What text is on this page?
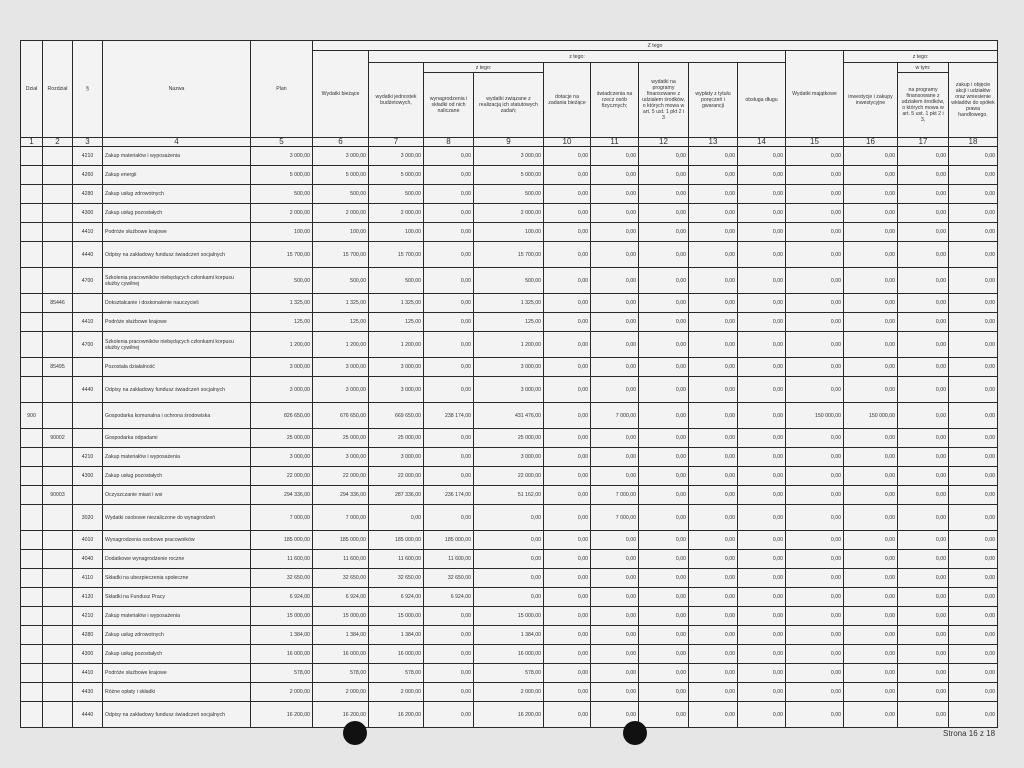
Dział	Rozdział	§	Nazwa	Plan	Z tego												
					Wydatki bieżące	z tego:								Wydatki majątkowe	z tego:		
						wydatki jednostek budżetowych,	z tego:		dotacje na zadania bieżące	świadczenia na rzecz osób fizycznych;	wydatki na programy finansowane z udziałem środków, o których mowa w art. 5 ust. 1 pkt 2 i 3	wypłaty z tytułu poręczeń i gwarancji	obsługa długu		inwestycje i zakupy inwestycyjne	w tym:	zakup i objęcie akcji i udziałów oraz wniesienie wkładów do spółek prawa handlowego.
							wynagrodzenia i składki od nich naliczane	wydatki związane z realizacją ich statutowych zadań;								na programy finansowane z udziałem środków, o których mowa w art. 5 ust. 1 pkt 2 i 3,	
1	2	3	4	5	6	7	8	9	10	11	12	13	14	15	16	17	18
		4210	Zakup materiałów i wyposażenia	3 000,00	3 000,00	3 000,00	0,00	3 000,00	0,00	0,00	0,00	0,00	0,00	0,00	0,00	0,00	0,00
		4260	Zakup energii	5 000,00	5 000,00	5 000,00	0,00	5 000,00	0,00	0,00	0,00	0,00	0,00	0,00	0,00	0,00	0,00
		4280	Zakup usług zdrowotnych	500,00	500,00	500,00	0,00	500,00	0,00	0,00	0,00	0,00	0,00	0,00	0,00	0,00	0,00
		4300	Zakup usług pozostałych	2 000,00	2 000,00	2 000,00	0,00	2 000,00	0,00	0,00	0,00	0,00	0,00	0,00	0,00	0,00	0,00
		4410	Podróże służbowe krajowe	100,00	100,00	100,00	0,00	100,00	0,00	0,00	0,00	0,00	0,00	0,00	0,00	0,00	0,00
		4440	Odpisy na zakładowy fundusz świadczeń socjalnych	15 700,00	15 700,00	15 700,00	0,00	15 700,00	0,00	0,00	0,00	0,00	0,00	0,00	0,00	0,00	0,00
		4700	Szkolenia pracowników niebędących członkami korpusu służby cywilnej	500,00	500,00	500,00	0,00	500,00	0,00	0,00	0,00	0,00	0,00	0,00	0,00	0,00	0,00
	85446		Dokształcanie i doskonalenie nauczycieli	1 325,00	1 325,00	1 325,00	0,00	1 325,00	0,00	0,00	0,00	0,00	0,00	0,00	0,00	0,00	0,00
		4410	Podróże służbowe krajowe	125,00	125,00	125,00	0,00	125,00	0,00	0,00	0,00	0,00	0,00	0,00	0,00	0,00	0,00
		4700	Szkolenia pracowników niebędących członkami korpusu służby cywilnej	1 200,00	1 200,00	1 200,00	0,00	1 200,00	0,00	0,00	0,00	0,00	0,00	0,00	0,00	0,00	0,00
	85495		Pozostała działalność	3 000,00	3 000,00	3 000,00	0,00	3 000,00	0,00	0,00	0,00	0,00	0,00	0,00	0,00	0,00	0,00
		4440	Odpisy na zakładowy fundusz świadczeń socjalnych	3 000,00	3 000,00	3 000,00	0,00	3 000,00	0,00	0,00	0,00	0,00	0,00	0,00	0,00	0,00	0,00
900			Gospodarka komunalna i ochrona środowiska	826 650,00	676 650,00	669 650,00	238 174,00	431 476,00	0,00	7 000,00	0,00	0,00	0,00	150 000,00	150 000,00	0,00	0,00
	90002		Gospodarka odpadami	25 000,00	25 000,00	25 000,00	0,00	25 000,00	0,00	0,00	0,00	0,00	0,00	0,00	0,00	0,00	0,00
		4210	Zakup materiałów i wyposażenia	3 000,00	3 000,00	3 000,00	0,00	3 000,00	0,00	0,00	0,00	0,00	0,00	0,00	0,00	0,00	0,00
		4300	Zakup usług pozostałych	22 000,00	22 000,00	22 000,00	0,00	22 000,00	0,00	0,00	0,00	0,00	0,00	0,00	0,00	0,00	0,00
	90003		Oczyszczanie miast i wsi	294 336,00	294 336,00	287 336,00	236 174,00	51 162,00	0,00	7 000,00	0,00	0,00	0,00	0,00	0,00	0,00	0,00
		3020	Wydatki osobowe niezaliczone do wynagrodzeń	7 000,00	7 000,00	0,00	0,00	0,00	0,00	7 000,00	0,00	0,00	0,00	0,00	0,00	0,00	0,00
		4010	Wynagrodzenia osobowe pracowników	185 000,00	185 000,00	185 000,00	185 000,00	0,00	0,00	0,00	0,00	0,00	0,00	0,00	0,00	0,00	0,00
		4040	Dodatkowe wynagrodzenie roczne	11 600,00	11 600,00	11 600,00	11 600,00	0,00	0,00	0,00	0,00	0,00	0,00	0,00	0,00	0,00	0,00
		4110	Składki na ubezpieczenia społeczne	32 650,00	32 650,00	32 650,00	32 650,00	0,00	0,00	0,00	0,00	0,00	0,00	0,00	0,00	0,00	0,00
		4120	Składki na Fundusz Pracy	6 924,00	6 924,00	6 924,00	6 924,00	0,00	0,00	0,00	0,00	0,00	0,00	0,00	0,00	0,00	0,00
		4210	Zakup materiałów i wyposażenia	15 000,00	15 000,00	15 000,00	0,00	15 000,00	0,00	0,00	0,00	0,00	0,00	0,00	0,00	0,00	0,00
		4280	Zakup usług zdrowotnych	1 384,00	1 384,00	1 384,00	0,00	1 384,00	0,00	0,00	0,00	0,00	0,00	0,00	0,00	0,00	0,00
		4300	Zakup usług pozostałych	16 000,00	16 000,00	16 000,00	0,00	16 000,00	0,00	0,00	0,00	0,00	0,00	0,00	0,00	0,00	0,00
		4410	Podróże służbowe krajowe	578,00	578,00	578,00	0,00	578,00	0,00	0,00	0,00	0,00	0,00	0,00	0,00	0,00	0,00
		4430	Różne opłaty i składki	2 000,00	2 000,00	2 000,00	0,00	2 000,00	0,00	0,00	0,00	0,00	0,00	0,00	0,00	0,00	0,00
		4440	Odpisy na zakładowy fundusz świadczeń socjalnych	16 200,00	16 200,00	16 200,00	0,00	16 200,00	0,00	0,00	0,00	0,00	0,00	0,00	0,00	0,00	0,00
Strona 16 z 18
